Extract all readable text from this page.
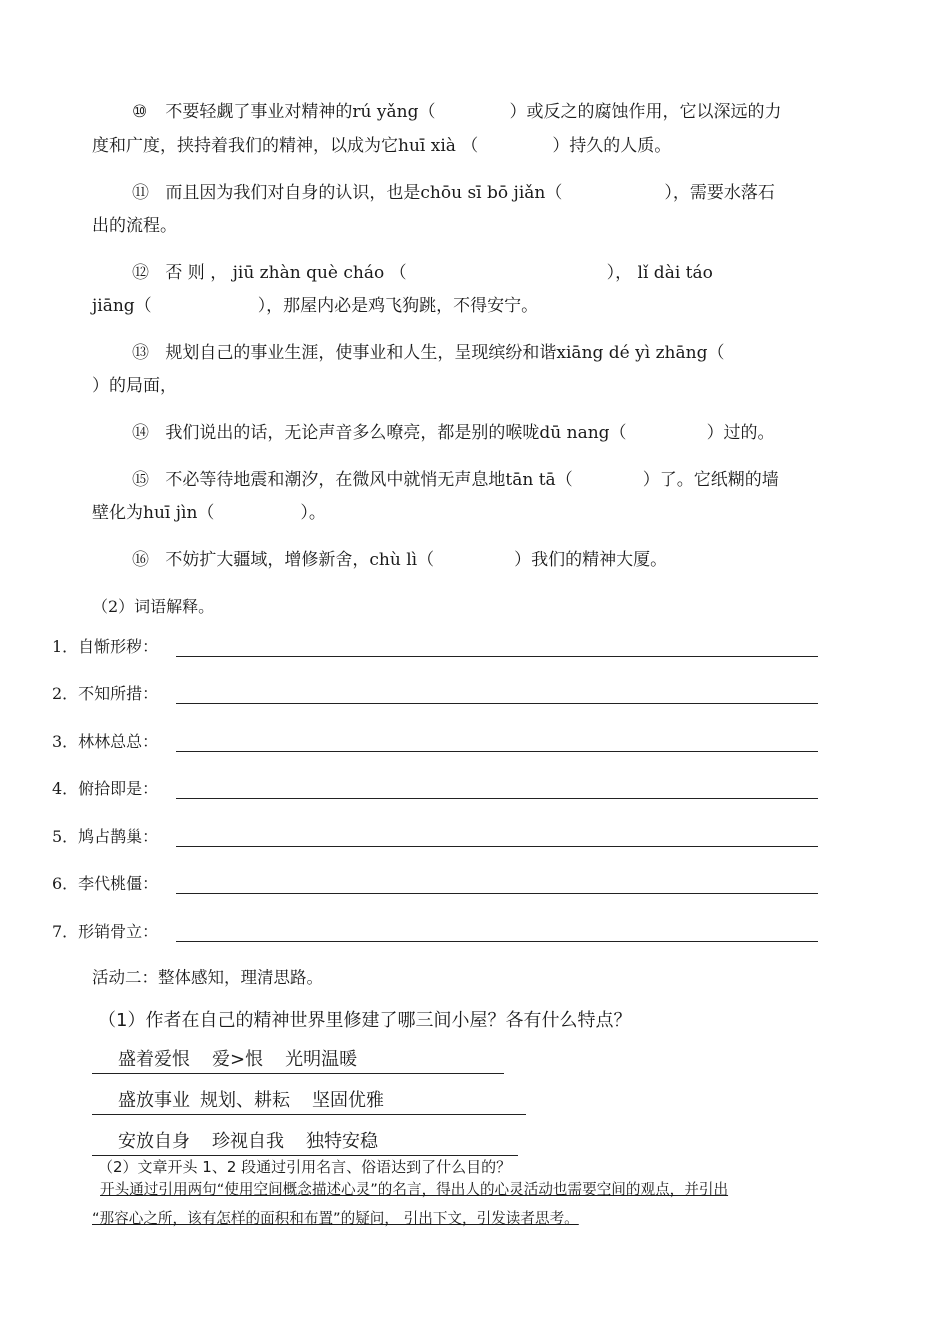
⑩ 不要轻觑了事业对精神的rú yǎng（	）或反之的腐蚀作用，它以深远的力
度和广度，挟持着我们的精神，以成为它huī xià （	）持久的人质。
⑪ 而且因为我们对自身的认识，也是chōu sī bō jiǎn（	），需要水落石
出的流程。
⑫ 否 则 ， jiū zhàn què cháo （	）， lǐ dài táo
jiāng（	），那屋内必是鸡飞狗跳，不得安宁。
⑬ 规划自己的事业生涯，使事业和人生，呈现缤纷和谐xiāng dé yì zhāng（
）的局面，
⑭ 我们说出的话，无论声音多么嘹亮，都是别的喉咙dū nang（	）过的。
⑮ 不必等待地震和潮汐，在微风中就悄无声息地tān tā（	）了。它纸糊的墙
壁化为huī jìn（	）。
⑯ 不妨扩大疆域，增修新舍，chù lì（	）我们的精神大厦。
（2）词语解释。
1．自惭形秽：
2．不知所措：
3．林林总总：
4．俯拾即是：
5．鸠占鹊巢：
6．李代桃僵：
7．形销骨立：
活动二：整体感知，理清思路。
（1）作者在自己的精神世界里修建了哪三间小屋？各有什么特点？
盛着爱恨 爱>恨 光明温暖
盛放事业 规划、耕耘 坚固优雅
安放自身 珍视自我 独特安稳
（2）文章开头 1、2 段通过引用名言、俗语达到了什么目的？
开头通过引用两句“使用空间概念描述心灵”的名言，得出人的心灵活动也需要空间的观点，并引出
“那容心之所，该有怎样的面积和布置”的疑问， 引出下文，引发读者思考。
